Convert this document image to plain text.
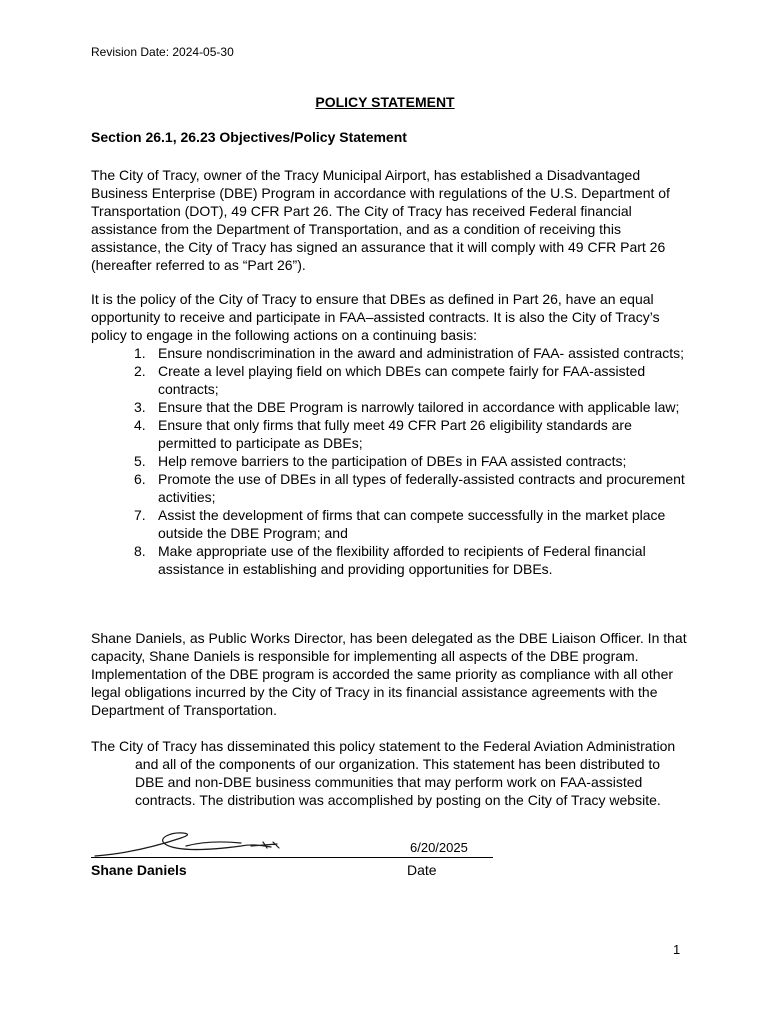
Revision Date: 2024-05-30
POLICY STATEMENT
Section 26.1, 26.23 Objectives/Policy Statement

The City of Tracy, owner of the Tracy Municipal Airport, has established a Disadvantaged Business Enterprise (DBE) Program in accordance with regulations of the U.S. Department of Transportation (DOT), 49 CFR Part 26. The City of Tracy has received Federal financial assistance from the Department of Transportation, and as a condition of receiving this assistance, the City of Tracy has signed an assurance that it will comply with 49 CFR Part 26 (hereafter referred to as “Part 26”).

It is the policy of the City of Tracy to ensure that DBEs as defined in Part 26, have an equal opportunity to receive and participate in FAA–assisted contracts. It is also the City of Tracy’s policy to engage in the following actions on a continuing basis:

1. Ensure nondiscrimination in the award and administration of FAA- assisted contracts;
2. Create a level playing field on which DBEs can compete fairly for FAA-assisted contracts;
3. Ensure that the DBE Program is narrowly tailored in accordance with applicable law;
4. Ensure that only firms that fully meet 49 CFR Part 26 eligibility standards are permitted to participate as DBEs;
5. Help remove barriers to the participation of DBEs in FAA assisted contracts;
6. Promote the use of DBEs in all types of federally-assisted contracts and procurement activities;
7. Assist the development of firms that can compete successfully in the market place outside the DBE Program; and
8. Make appropriate use of the flexibility afforded to recipients of Federal financial assistance in establishing and providing opportunities for DBEs.

Shane Daniels, as Public Works Director, has been delegated as the DBE Liaison Officer. In that capacity, Shane Daniels is responsible for implementing all aspects of the DBE program. Implementation of the DBE program is accorded the same priority as compliance with all other legal obligations incurred by the City of Tracy in its financial assistance agreements with the Department of Transportation.

The City of Tracy has disseminated this policy statement to the Federal Aviation Administration and all of the components of our organization. This statement has been distributed to DBE and non-DBE business communities that may perform work on FAA-assisted contracts. The distribution was accomplished by posting on the City of Tracy website.
6/20/2025
Shane Daniels	Date
1
